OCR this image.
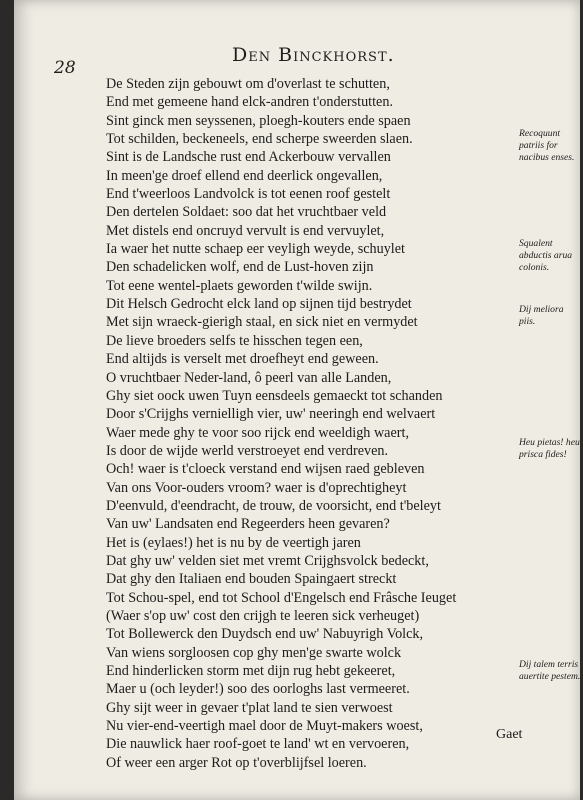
28
Den Binckhorst.
De Steden zijn gebouwt om d'overlast te schutten,
End met gemeene hand elck-andren t'onderstutten.
Sint ginck men seyssenen, ploegh-kouters ende spaen
Tot schilden, beckeneels, end scherpe sweerden slaen.
Sint is de Landsche rust end Ackerbouw vervallen
In meen'ge droef ellend end deerlick ongevallen,
End t'weerloos Landvolck is tot eenen roof gestelt
Den dertelen Soldaet: soo dat het vruchtbaer veld
Met distels end oncruyd vervult is end vervuylet,
Ia waer het nutte schaep eer veyligh weyde, schuylet
Den schadelicken wolf, end de Lust-hoven zijn
Tot eene wentel-plaets geworden t'wilde swijn.
Dit Helsch Gedrocht elck land op sijnen tijd bestrydet
Met sijn wraeck-gierigh staal, en sick niet en vermydet
De lieve broeders selfs te hisschen tegen een,
End altijds is verselt met droefheyt end geween.
O vruchtbaer Neder-land, ô peerl van alle Landen,
Ghy siet oock uwen Tuyn eensdeels gemaeckt tot schanden
Door s'Crijghs vernielligh vier, uw' neeringh end welvaert
Waer mede ghy te voor soo rijck end weeldigh waert,
Is door de wijde werld verstroeyet end verdreven.
Och! waer is t'cloeck verstand end wijsen raed gebleven
Van ons Voor-ouders vroom? waer is d'oprechtigheyt
D'eenvuld, d'eendracht, de trouw, de voorsicht, end t'beleyt
Van uw' Landsaten end Regeerders heen gevaren?
Het is (eylaes!) het is nu by de veertigh jaren
Dat ghy uw' velden siet met vremt Crijghsvolck bedeckt,
Dat ghy den Italiaen end bouden Spaingaert streckt
Tot Schou-spel, end tot School d'Engelsch end Frâsche Ieuget
(Waer s'op uw' cost den crijgh te leeren sick verheuget)
Tot Bollewerck den Duydsch end uw' Nabuyrigh Volck,
Van wiens sorgloosen cop ghy men'ge swarte wolck
End hinderlicken storm met dijn rug hebt gekeeret,
Maer u (och leyder!) soo des oorloghs last vermeeret.
Ghy sijt weer in gevaer t'plat land te sien verwoest
Nu vier-end-veertigh mael door de Muyt-makers woest,
Die nauwlick haer roof-goet te land' wt en vervoeren,
Of weer een arger Rot op t'overblijfsel loeren.
Recoquunt patriis for nacibus enses.
Squalent abductis arua colonis.
Dij meliora piis.
Heu pietas! heu prisca fides!
Dij talem terris auertite pestem.
Gaet
